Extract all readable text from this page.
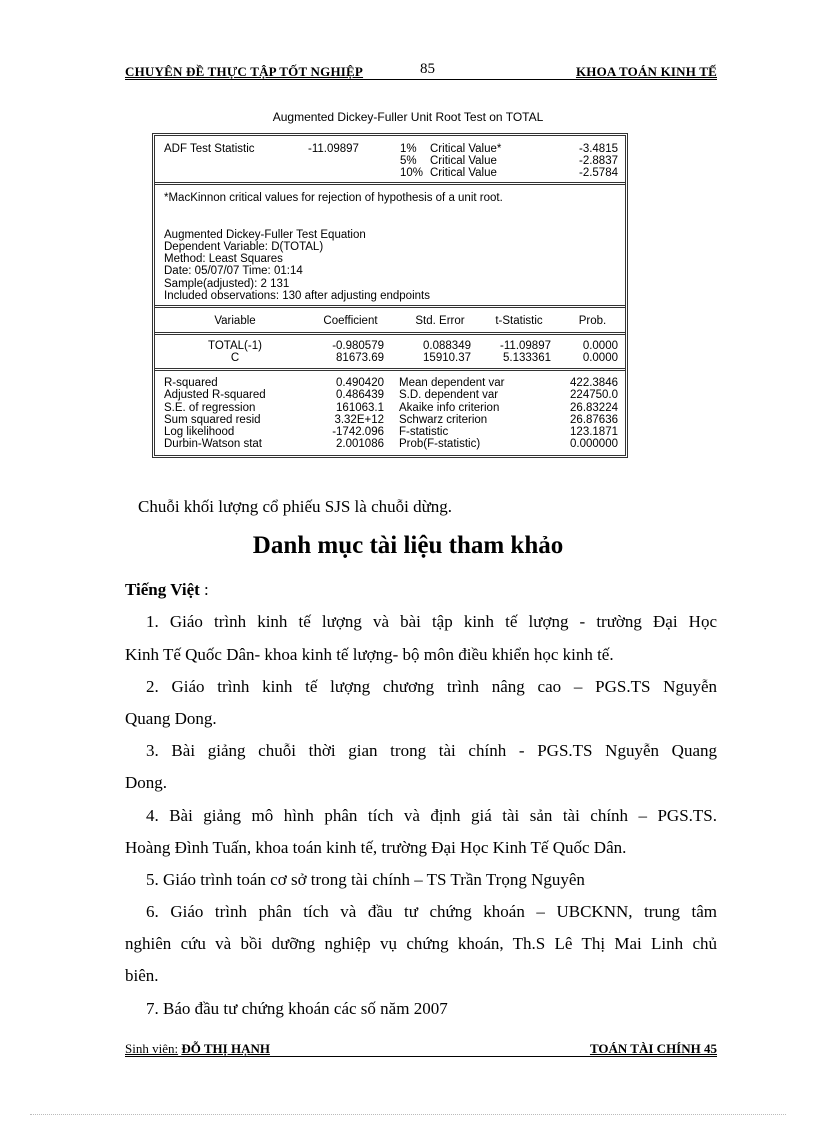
CHUYÊN ĐỀ THỰC TẬP TỐT NGHIỆP	85	KHOA TOÁN KINH TẾ
Augmented Dickey-Fuller Unit Root Test on TOTAL
ADF Test Statistic	-11.09897	1% Critical Value*	-3.4815
5% Critical Value	-2.8837
10% Critical Value	-2.5784
*MacKinnon critical values for rejection of hypothesis of a unit root.
Augmented Dickey-Fuller Test Equation
Dependent Variable: D(TOTAL)
Method: Least Squares
Date: 05/07/07 Time: 01:14
Sample(adjusted): 2 131
Included observations: 130 after adjusting endpoints
Variable	Coefficient	Std. Error	t-Statistic	Prob.
TOTAL(-1)	-0.980579	0.088349	-11.09897	0.0000
C	81673.69	15910.37	5.133361	0.0000
R-squared	0.490420 Mean dependent var	422.3846
Adjusted R-squared	0.486439 S.D. dependent var	224750.0
S.E. of regression	161063.1 Akaike info criterion	26.83224
Sum squared resid	3.32E+12 Schwarz criterion	26.87636
Log likelihood	-1742.096 F-statistic	123.1871
Durbin-Watson stat	2.001086 Prob(F-statistic)	0.000000
Chuỗi khối lượng cổ phiếu SJS là chuỗi dừng.
Danh mục tài liệu tham khảo
Tiếng Việt :
1. Giáo trình kinh tế lượng và bài tập kinh tế lượng - trường Đại Học
Kinh Tế Quốc Dân- khoa kinh tế lượng- bộ môn điều khiển học kinh tế.
2. Giáo trình kinh tế lượng chương trình nâng cao – PGS.TS Nguyễn
Quang Dong.
3. Bài giảng chuỗi thời gian trong tài chính - PGS.TS Nguyễn Quang
Dong.
4. Bài giảng mô hình phân tích và định giá tài sản tài chính – PGS.TS.
Hoàng Đình Tuấn, khoa toán kinh tế, trường Đại Học Kinh Tế Quốc Dân.
5. Giáo trình toán cơ sở trong tài chính – TS Trần Trọng Nguyên
6. Giáo trình phân tích và đầu tư chứng khoán – UBCKNN, trung tâm
nghiên cứu và bồi dưỡng nghiệp vụ chứng khoán, Th.S Lê Thị Mai Linh chủ
biên.
7. Báo đầu tư chứng khoán các số năm 2007
Sinh viên: ĐỖ THỊ HẠNH	TOÁN TÀI CHÍNH 45
